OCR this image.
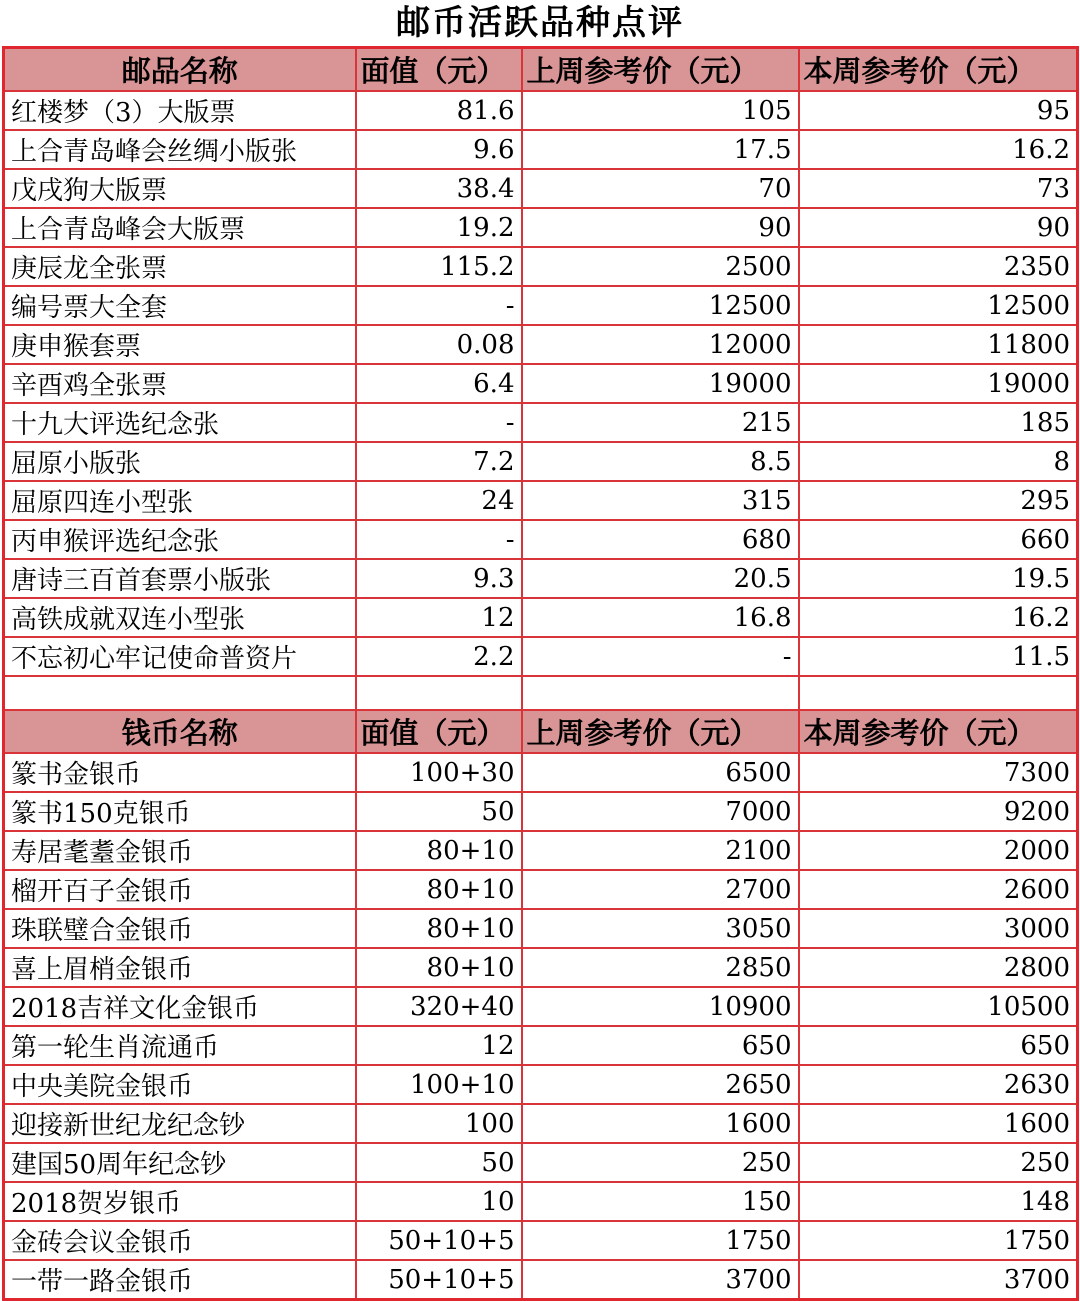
邮币活跃品种点评
邮品名称	面值（元）	上周参考价（元）	本周参考价（元）
红楼梦（3）大版票	81.6	105	95
上合青岛峰会丝绸小版张	9.6	17.5	16.2
戊戌狗大版票	38.4	70	73
上合青岛峰会大版票	19.2	90	90
庚辰龙全张票	115.2	2500	2350
编号票大全套	-	12500	12500
庚申猴套票	0.08	12000	11800
辛酉鸡全张票	6.4	19000	19000
十九大评选纪念张	-	215	185
屈原小版张	7.2	8.5	8
屈原四连小型张	24	315	295
丙申猴评选纪念张	-	680	660
唐诗三百首套票小版张	9.3	20.5	19.5
高铁成就双连小型张	12	16.8	16.2
不忘初心牢记使命普资片	2.2	-	11.5

钱币名称	面值（元）	上周参考价（元）	本周参考价（元）
篆书金银币	100+30	6500	7300
篆书150克银币	50	7000	9200
寿居耄耋金银币	80+10	2100	2000
榴开百子金银币	80+10	2700	2600
珠联璧合金银币	80+10	3050	3000
喜上眉梢金银币	80+10	2850	2800
2018吉祥文化金银币	320+40	10900	10500
第一轮生肖流通币	12	650	650
中央美院金银币	100+10	2650	2630
迎接新世纪龙纪念钞	100	1600	1600
建国50周年纪念钞	50	250	250
2018贺岁银币	10	150	148
金砖会议金银币	50+10+5	1750	1750
一带一路金银币	50+10+5	3700	3700
